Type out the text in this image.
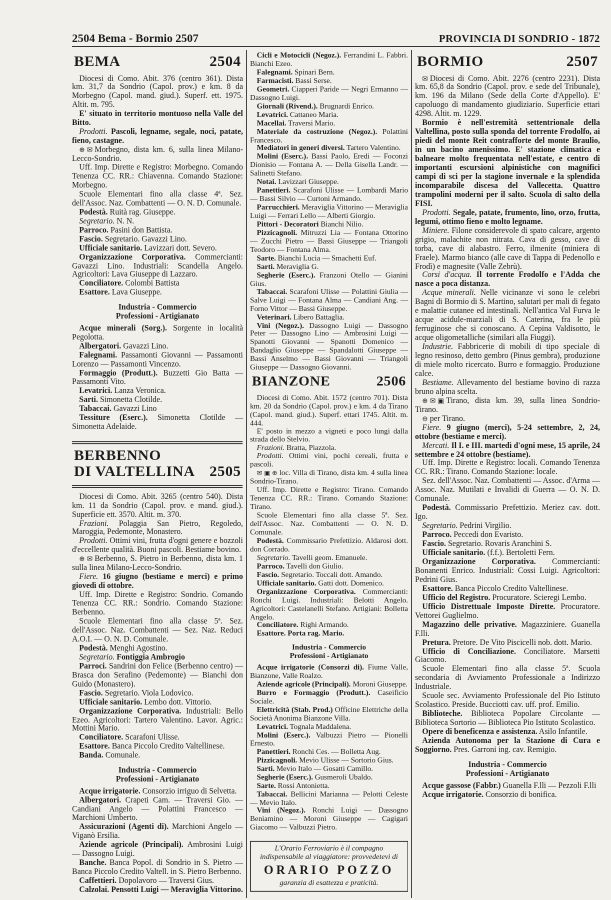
2504 Bema - Bormio 2507	PROVINCIA DI SONDRIO - 1872
BEMA	2504

Diocesi di Como. Abit. 376 (centro 361). Dista km. 31,7 da Sondrio (Capol. prov.) e km. 8 da Morbegno (Capol. mand. giud.). Superf. ett. 1975. Altit. m. 795.

E' situato in territorio montuoso nella Valle del Bitto.

Prodotti. Pascoli, legname, segale, noci, patate, fieno, castagne.

⊕ ✉ Morbegno, dista km. 6, sulla linea Milano-Lecco-Sondrio.

Uff. Imp. Dirette e Registro: Morbegno. Comando Tenenza CC. RR.: Chiavenna. Comando Stazione: Morbegno.

Scuole Elementari fino alla classe 4ª. Sez. dell'Assoc. Naz. Combattenti — O. N. D. Comunale.

Podestà. Ruità rag. Giuseppe.

Segretario. N. N.

Parroco. Pasini don Battista.

Fascio. Segretario. Gavazzi Lino.

Ufficiale sanitario. Lavizzari dott. Severo.

Organizzazione Corporativa. Commercianti: Gavazzi Lino. Industriali: Scandella Angelo. Agricoltori: Lava Giuseppe di Lazzaro.

Conciliatore. Colombi Battista

Esattore. Lava Giuseppe.

Industria - Commercio
Professioni - Artigianato

Acque minerali (Sorg.). Sorgente in località Pegolotta.

Albergatori. Gavazzi Lino.

Falegnami. Passamonti Giovanni — Passamonti Lorenzo — Passamonti Vincenzo.

Formaggio (Produtt.). Buzzetti Gio Batta — Passamonti Vito.

Levatrici. Lanza Veronica.

Sarti. Simonetta Clotilde.

Tabaccai. Gavazzi Lino

Tessiture (Eserc.). Simonetta Clotilde — Simonetta Adelaide.

BERBENNO
DI VALTELLINA 2505

Diocesi di Como. Abit. 3265 (centro 540). Dista km. 11 da Sondrio (Capol. prov. e mand. giud.). Superficie ett. 3570. Altit. m. 370.

Frazioni. Polaggia San Pietro, Regoledo, Maroggia, Pedemonte, Monastero.

Prodotti. Ottimi vini, frutta d'ogni genere e bozzoli d'eccellente qualità. Buoni pascoli. Bestiame bovino.

⊕ ✉ Berbenno, S. Pietro in Berbenno, dista km. 1 sulla linea Milano-Lecco-Sondrio.

Fiere. 16 giugno (bestiame e merci) e primo giovedì di ottobre.

Uff. Imp. Dirette e Registro: Sondrio. Comando Tenenza CC. RR.: Sondrio. Comando Stazione: Berbenno.

Scuole Elementari fino alla classe 5ª. Sez. dell'Assoc. Naz. Combattenti — Sez. Naz. Reduci A.O.I. — O. N. D. Comunale.

Podestà. Menghi Agostino.

Segretario. Fontiggia Ambrogio

Parroci. Sandrini don Felice (Berbenno centro) — Brasca don Serafino (Pedemonte) — Bianchi don Guido (Monastero).

Fascio. Segretario. Viola Lodovico.

Ufficiale sanitario. Lembo dott. Vittorio.

Organizzazione Corporativa. Industriali: Bello Ezeo. Agricoltori: Tartero Valentino. Lavor. Agric.: Mottini Mario.

Conciliatore. Scarafoni Ulisse.

Esattore. Banca Piccolo Credito Valtellinese.

Banda. Comunale.

Industria - Commercio
Professioni - Artigianato

Acque irrigatorie. Consorzio irriguo di Selvetta.

Albergatori. Crapeti Cam. — Traversi Gio. — Candiani Angelo — Polattini Francesco — Marchioni Umberto.

Assicurazioni (Agenti di). Marchioni Angelo — Viganò Ersilia.

Aziende agricole (Principali). Ambrosini Luigi — Dassogno Luigi.

Banche. Banca Popol. di Sondrio in S. Pietro — Banca Piccolo Credito Valtell. in S. Pietro Berbenno.

Caffettieri. Dopolavoro — Traversi Gius.

Calzolai. Pensotti Luigi — Meraviglia Vittorino.

Cicli e Motocicli (Negoz.). Ferrandini L. Fabbri. Bianchi Ezeo.

Falegnami. Spinari Bern.

Farmacisti. Bassi Serse.

Geometri. Ciapperi Paride — Negri Ermanno — Dassogno Luigi.

Giornali (Rivend.). Brugnardi Enrico.

Levatrici. Cattaneo Maria.

Macellai. Traversi Mario.

Materiale da costruzione (Negoz.). Polattini Francesco.

Mediatori in generi diversi. Tartero Valentino.

Molini (Eserc.). Bassi Paolo, Eredi — Foconzi Dionisio — Fontana A. — Della Gisella Landr. — Salinetti Stefano.

Notai. Lavizzari Giuseppe.

Panettieri. Scarafoni Ulisse — Lombardi Mario — Bassi Silvio — Curtoni Armando.

Parrucchieri. Meraviglia Vittorino — Meraviglia Luigi — Ferrari Lello — Alberti Giorgio.

Pittori - Decoratori Bianchi Nilio.

Pizzicagnoli. Mitruzzi Lia — Fontana Ottorino — Zucchi Pietro — Bassi Giuseppe — Triangoli Teodoro — Fontana Alma.

Sarte. Bianchi Lucia — Smachetti Euf.

Sarti. Meraviglia G.

Segherie (Eserc.). Franzoni Otello — Gianini Gius.

Tabaccai. Scarafoni Ulisse — Polattini Giulia — Salve Luigi — Fontana Alma — Candiani Ang. — Forno Vittor — Bassi Giuseppe.

Veterinari. Libero Battaglia.

Vini (Negoz.). Dassogno Luigi — Dassogno Peter — Dassogno Lino — Ambrosini Luigi — Spanotti Giovanni — Spanotti Domenico — Bandaglio Giuseppe — Spandalotti Giuseppe — Bassi Anselmo — Bassi Giovanni — Triangoli Giuseppe — Dassogno Giovanni.

BIANZONE	2506

Diocesi di Como. Abit. 1572 (centro 701). Dista km. 20 da Sondrio (Capol. prov.) e km. 4 da Tirano (Capol. mand. giud.). Superf. ettari 1745. Altit. m. 444.

E' posto in mezzo a vigneti e poco lungi dalla strada dello Stelvio.

Frazioni. Bratta, Piazzola.

Prodotti. Ottimi vini, pochi cereali, frutta e pascoli.

✉ ▣ ⊕ loc. Villa di Tirano, dista km. 4 sulla linea Sondrio-Tirano.

Uff. Imp. Dirette e Registro: Tirano. Comando Tenenza CC. RR.: Tirano. Comando Stazione: Tirano.

Scuole Elementari fino alla classe 5ª. Sez. dell'Assoc. Naz. Combattenti — O. N. D. Comunale.

Podestà. Commissario Prefettizio. Aldarosi dott. don Corrado.

Segretario. Tavelli geom. Emanuele.

Parroco. Tavelli don Giulio.

Fascio. Segretario. Toccali dott. Amando.

Ufficiale sanitario. Gatti dott. Domenico.

Organizzazione Corporativa. Commercianti: Ronchi Luigi. Industriali: Belotti Angelo. Agricoltori: Castelanelli Stefano. Artigiani: Bolletta Angelo.

Conciliatore. Righi Armando.

Esattore. Porta rag. Mario.

Industria - Commercio
Professioni - Artigianato

Acque irrigatorie (Consorzi di). Fiume Valle, Bianzone, Valle Roalzo.

Aziende agricole (Principali). Moroni Giuseppe.

Burro e Formaggio (Produtt.). Caseificio Sociale.

Elettricità (Stab. Prod.) Officine Elettriche della Società Anonima Bianzone Villa.

Levatrici. Tognala Maddalena.

Molini (Eserc.). Valbuzzi Pietro — Pionelli Ernesto.

Panettieri. Ronchi Ces. — Bolletta Aug.

Pizzicagnoli. Mevio Ulisse — Sortorio Gius.

Sarti. Mevio Italo — Gosatti Camillo.

Segherie (Eserc.). Gusmeroli Ubaldo.

Sarte. Rossi Antonietta.

Tabaccai. Bellicini Marianna — Pelotti Celeste — Mevio Italo.

Vini (Negoz.). Ronchi Luigi — Dassogno Beniamino — Moroni Giuseppe — Cagigari Giacomo — Valbuzzi Pietro.

L'Orario Ferroviario è il compagno indispensabile al viaggiatore: provvedetevi di
ORARIO POZZO
garanzia di esattezza e praticità.
BORMIO	2507

✉ Diocesi di Como. Abit. 2276 (centro 2231). Dista km. 65,8 da Sondrio (Capol. prov. e sede del Tribunale), km. 196 da Milano (Sede della Corte d'Appello). E' capoluogo di mandamento giudiziario. Superficie ettari 4298. Altit. m. 1229.

Bormio è nell'estremità settentrionale della Valtellina, posto sulla sponda del torrente Frodolfo, ai piedi del monte Reit contrafforte del monte Braulio, in un bacino amenissimo. E' stazione climatica e balneare molto frequentata nell'estate, e centro di importanti escursioni alpinistiche con magnifici campi di sci per la stagione invernale e la splendida incomparabile discesa del Vallecetta. Quattro trampolini moderni per il salto. Scuola di salto della FISI.

Prodotti. Segale, patate, frumento, lino, orzo, frutta, legumi, ottimo fieno e molto legname.

Miniere. Filone considerevole di spato calcare, argento grigio, malachite non nitrata. Cava di gesso, cave di torba, cave di alabastro. Ferro, ilmenite (miniera di Fraele). Marmo bianco (alle cave di Tappa di Pedenollo e Frodì) e magnesite (Valle Zebrù).

Corsi d'acqua. Il torrente Frodolfo e l'Adda che nasce a poca distanza.

Acque minerali. Nelle vicinanze vi sono le celebri Bagni di Bormio di S. Martino, salutari per mali di fegato e malattie cutanee ed intestinali. Nell'antica Val Furva le acque acidule-marziali di S. Caterina, fra le più ferruginose che si conoscano. A Cepina Valdisotto, le acque oligometalliche (similari alla Fiuggi).

Industrie. Fabbricerie di mobili di tipo speciale di legno resinoso, detto gembro (Pinus gembra), produzione di miele molto ricercato. Burro e formaggio. Produzione calce.

Bestiame. Allevamento del bestiame bovino di razza bruno alpina scelta.

⊕ ✉ ▣ Tirano, dista km. 39, sulla linea Sondrio-Tirano.

⊖ per Tirano.

Fiere. 9 giugno (merci), 5-24 settembre, 2, 24, ottobre (bestiame e merci).

Mercati. Il I. e III. martedì d'ogni mese, 15 aprile, 24 settembre e 24 ottobre (bestiame).

Uff. Imp. Dirette e Registro: locali. Comando Tenenza CC. RR.: Tirano. Comando Stazione: locale.

Sez. dell'Assoc. Naz. Combattenti — Assoc. d'Arma — Assoc. Naz. Mutilati e Invalidi di Guerra — O. N. D. Comunale.

Podestà. Commissario Prefettizio. Meriez cav. dott. Igo.

Segretario. Pedrini Virgilio.

Parroco. Peccedi don Evaristo.

Fascio. Segretario. Rovaris Aranchini S.

Ufficiale sanitario. (f.f.). Bertoletti Fern.

Organizzazione Corporativa. Commercianti: Bonanenti Enrico. Industriali: Cossi Luigi. Agricoltori: Pedrini Gius.

Esattore. Banca Piccolo Credito Valtellinese.

Ufficio del Registro. Procuratore. Scieregi Lembo.

Ufficio Distrettuale Imposte Dirette. Procuratore. Vettorei Guglielmo.

Magazzino delle privative. Magazziniere. Guanella F.lli.

Pretura. Pretore. De Vito Piscicelli nob. dott. Mario.

Ufficio di Conciliazione. Conciliatore. Marsetti Giacomo.

Scuole Elementari fino alla classe 5ª. Scuola secondaria di Avviamento Professionale a Indirizzo Industriale.

Scuole sec. Avviamento Professionale del Pio Istituto Scolastico. Preside. Bucciotti cav. uff. prof. Emilio.

Biblioteche. Biblioteca Popolare Circolante — Biblioteca Sortorio — Biblioteca Pio Istituto Scolastico.

Opere di beneficenza e assistenza. Asilo Infantile.

Azienda Autonoma per la Stazione di Cura e Soggiorno. Pres. Garroni ing. cav. Remigio.

Industria - Commercio
Professioni - Artigianato

Acque gassose (Fabbr.) Guanella F.lli — Pezzoli F.lli

Acque irrigatorie. Consorzio di bonifica.
